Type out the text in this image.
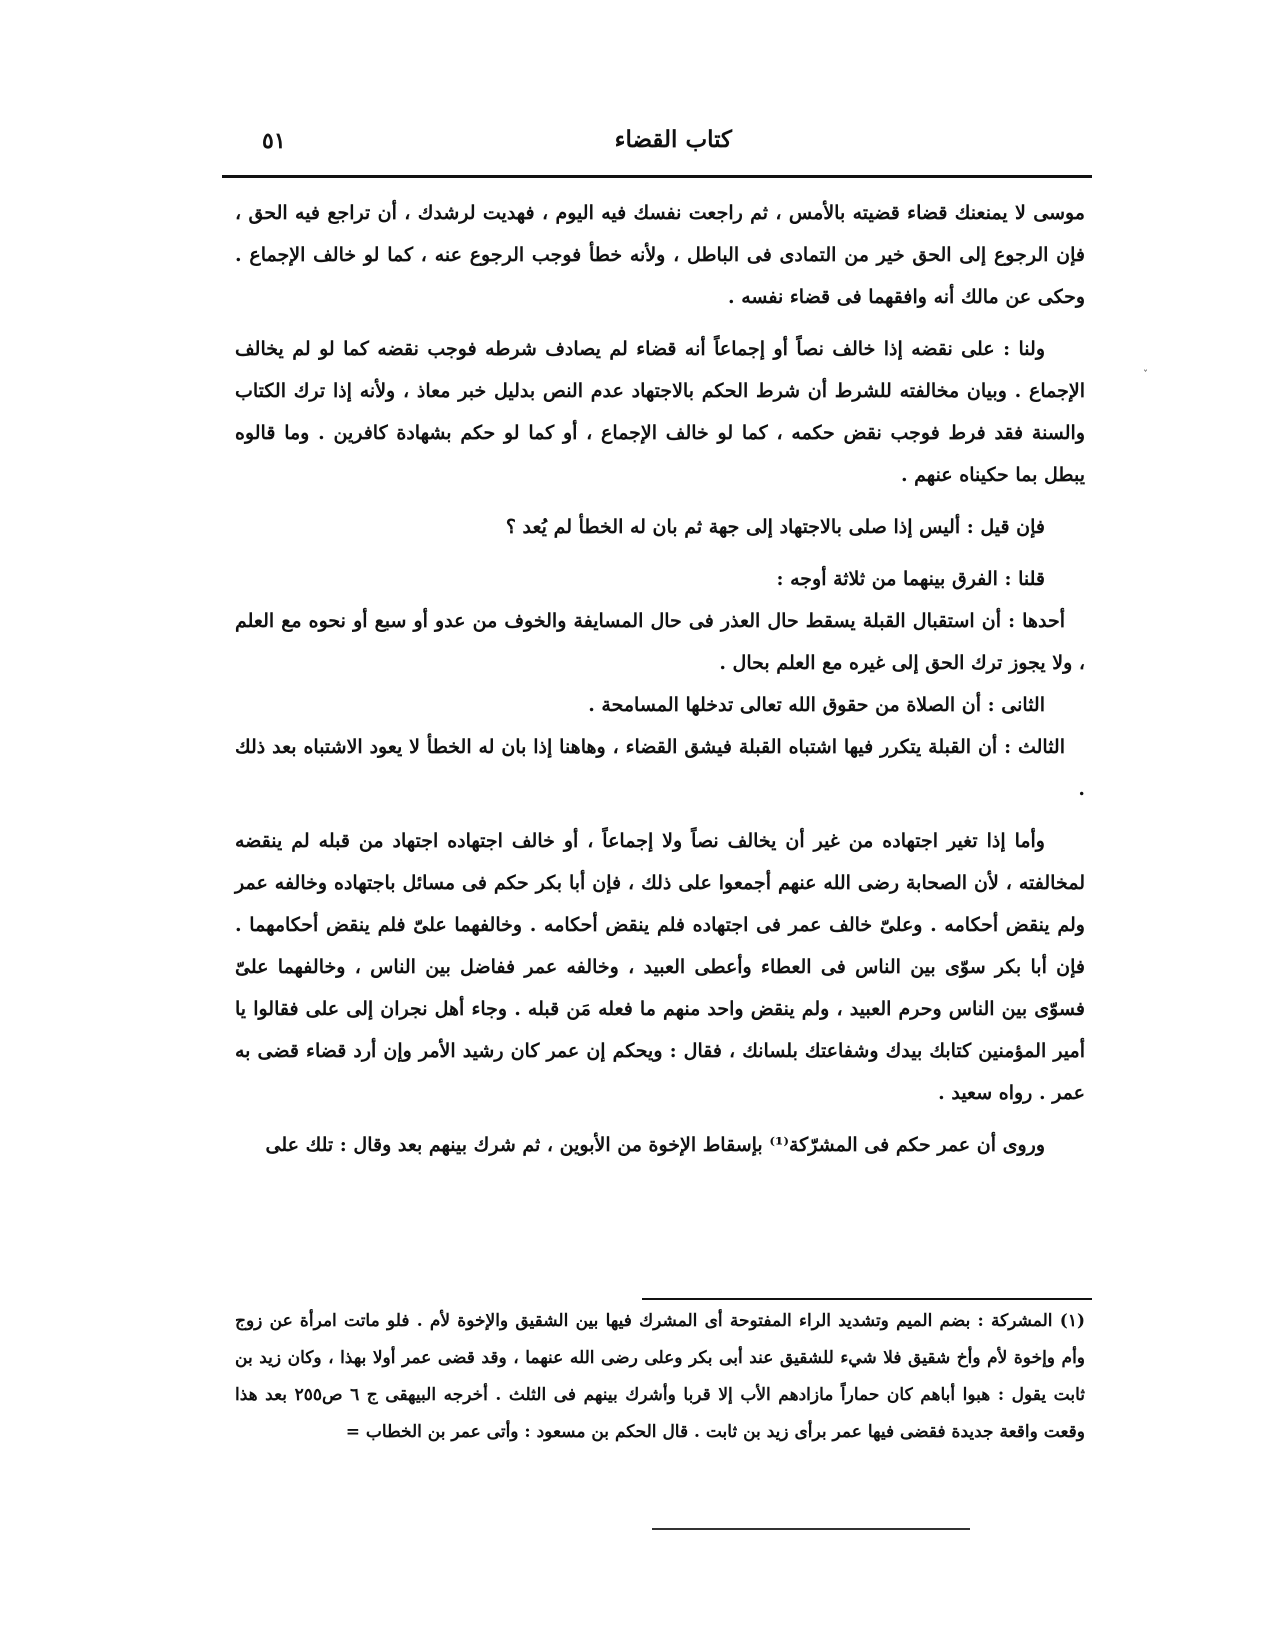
كتاب القضاء
٥١
ˇ

موسى لا يمنعنك قضاء قضيته بالأمس ، ثم راجعت نفسك فيه اليوم ، فهديت لرشدك ، أن تراجع فيه الحق ، فإن الرجوع إلى الحق خير من التمادى فى الباطل ، ولأنه خطأ فوجب الرجوع عنه ، كما لو خالف الإجماع . وحكى عن مالك أنه وافقهما فى قضاء نفسه .

ولنا : على نقضه إذا خالف نصاً أو إجماعاً أنه قضاء لم يصادف شرطه فوجب نقضه كما لو لم يخالف الإجماع . وبيان مخالفته للشرط أن شرط الحكم بالاجتهاد عدم النص بدليل خبر معاذ ، ولأنه إذا ترك الكتاب والسنة فقد فرط فوجب نقض حكمه ، كما لو خالف الإجماع ، أو كما لو حكم بشهادة كافرين . وما قالوه يبطل بما حكيناه عنهم .

فإن قيل : أليس إذا صلى بالاجتهاد إلى جهة ثم بان له الخطأ لم يُعد ؟

قلنا : الفرق بينهما من ثلاثة أوجه :

أحدها : أن استقبال القبلة يسقط حال العذر فى حال المسايفة والخوف من عدو أو سبع أو نحوه مع العلم ، ولا يجوز ترك الحق إلى غيره مع العلم بحال .

الثانى : أن الصلاة من حقوق الله تعالى تدخلها المسامحة .

الثالث : أن القبلة يتكرر فيها اشتباه القبلة فيشق القضاء ، وهاهنا إذا بان له الخطأ لا يعود الاشتباه بعد ذلك .

وأما إذا تغير اجتهاده من غير أن يخالف نصاً ولا إجماعاً ، أو خالف اجتهاده اجتهاد من قبله لم ينقضه لمخالفته ، لأن الصحابة رضى الله عنهم أجمعوا على ذلك ، فإن أبا بكر حكم فى مسائل باجتهاده وخالفه عمر ولم ينقض أحكامه . وعلىّ خالف عمر فى اجتهاده فلم ينقض أحكامه . وخالفهما علىّ فلم ينقض أحكامهما . فإن أبا بكر سوّى بين الناس فى العطاء وأعطى العبيد ، وخالفه عمر ففاضل بين الناس ، وخالفهما علىّ فسوّى بين الناس وحرم العبيد ، ولم ينقض واحد منهم ما فعله مَن قبله . وجاء أهل نجران إلى على فقالوا يا أمير المؤمنين كتابك بيدك وشفاعتك بلسانك ، فقال : ويحكم إن عمر كان رشيد الأمر وإن أرد قضاء قضى به عمر . رواه سعيد .

وروى أن عمر حكم فى المشرّكة⁽¹⁾ بإسقاط الإخوة من الأبوين ، ثم شرك بينهم بعد وقال : تلك على

(١) المشركة : بضم الميم وتشديد الراء المفتوحة أى المشرك فيها بين الشقيق والإخوة لأم . فلو ماتت امرأة عن زوج وأم وإخوة لأم وأخ شقيق فلا شيء للشقيق عند أبى بكر وعلى رضى الله عنهما ، وقد قضى عمر أولا بهذا ، وكان زيد بن ثابت يقول : هبوا أباهم كان حماراً مازادهم الأب إلا قربا وأشرك بينهم فى الثلث . أخرجه البيهقى ج ٦ ص٢٥٥ بعد هذا وقعت واقعة جديدة فقضى فيها عمر برأى زيد بن ثابت . قال الحكم بن مسعود : وأتى عمر بن الخطاب =
